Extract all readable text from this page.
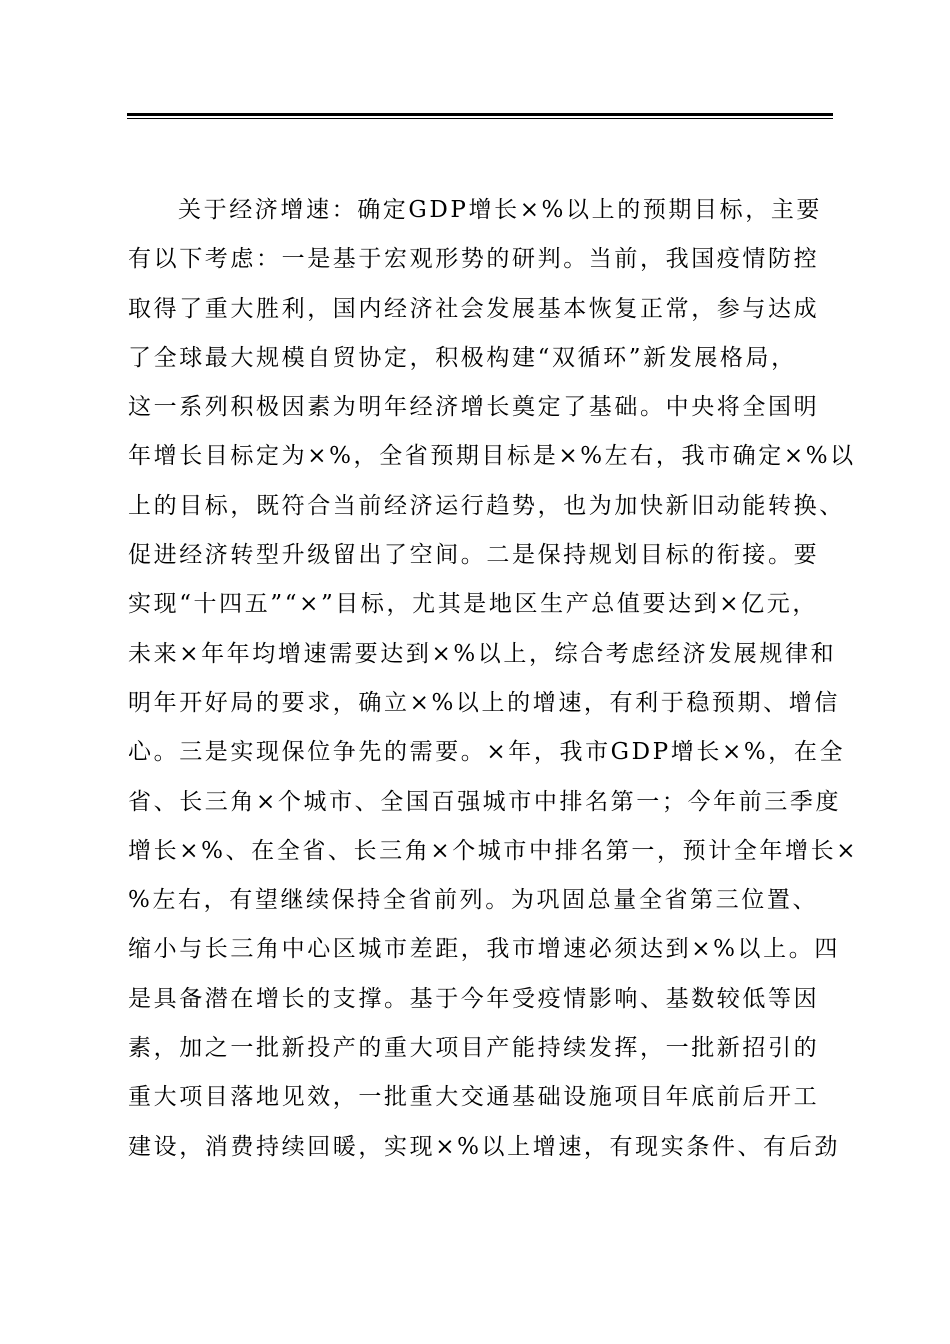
关于经济增速：确定GDP增长×%以上的预期目标，主要
有以下考虑：一是基于宏观形势的研判。当前，我国疫情防控
取得了重大胜利，国内经济社会发展基本恢复正常，参与达成
了全球最大规模自贸协定，积极构建“双循环”新发展格局，
这一系列积极因素为明年经济增长奠定了基础。中央将全国明
年增长目标定为×%，全省预期目标是×%左右，我市确定×%以
上的目标，既符合当前经济运行趋势，也为加快新旧动能转换、
促进经济转型升级留出了空间。二是保持规划目标的衔接。要
实现“十四五”“×”目标，尤其是地区生产总值要达到×亿元，
未来×年年均增速需要达到×%以上，综合考虑经济发展规律和
明年开好局的要求，确立×%以上的增速，有利于稳预期、增信
心。三是实现保位争先的需要。×年，我市GDP增长×%，在全
省、长三角×个城市、全国百强城市中排名第一；今年前三季度
增长×%、在全省、长三角×个城市中排名第一，预计全年增长×
%左右，有望继续保持全省前列。为巩固总量全省第三位置、
缩小与长三角中心区城市差距，我市增速必须达到×%以上。四
是具备潜在增长的支撑。基于今年受疫情影响、基数较低等因
素，加之一批新投产的重大项目产能持续发挥，一批新招引的
重大项目落地见效，一批重大交通基础设施项目年底前后开工
建设，消费持续回暖，实现×%以上增速，有现实条件、有后劲
